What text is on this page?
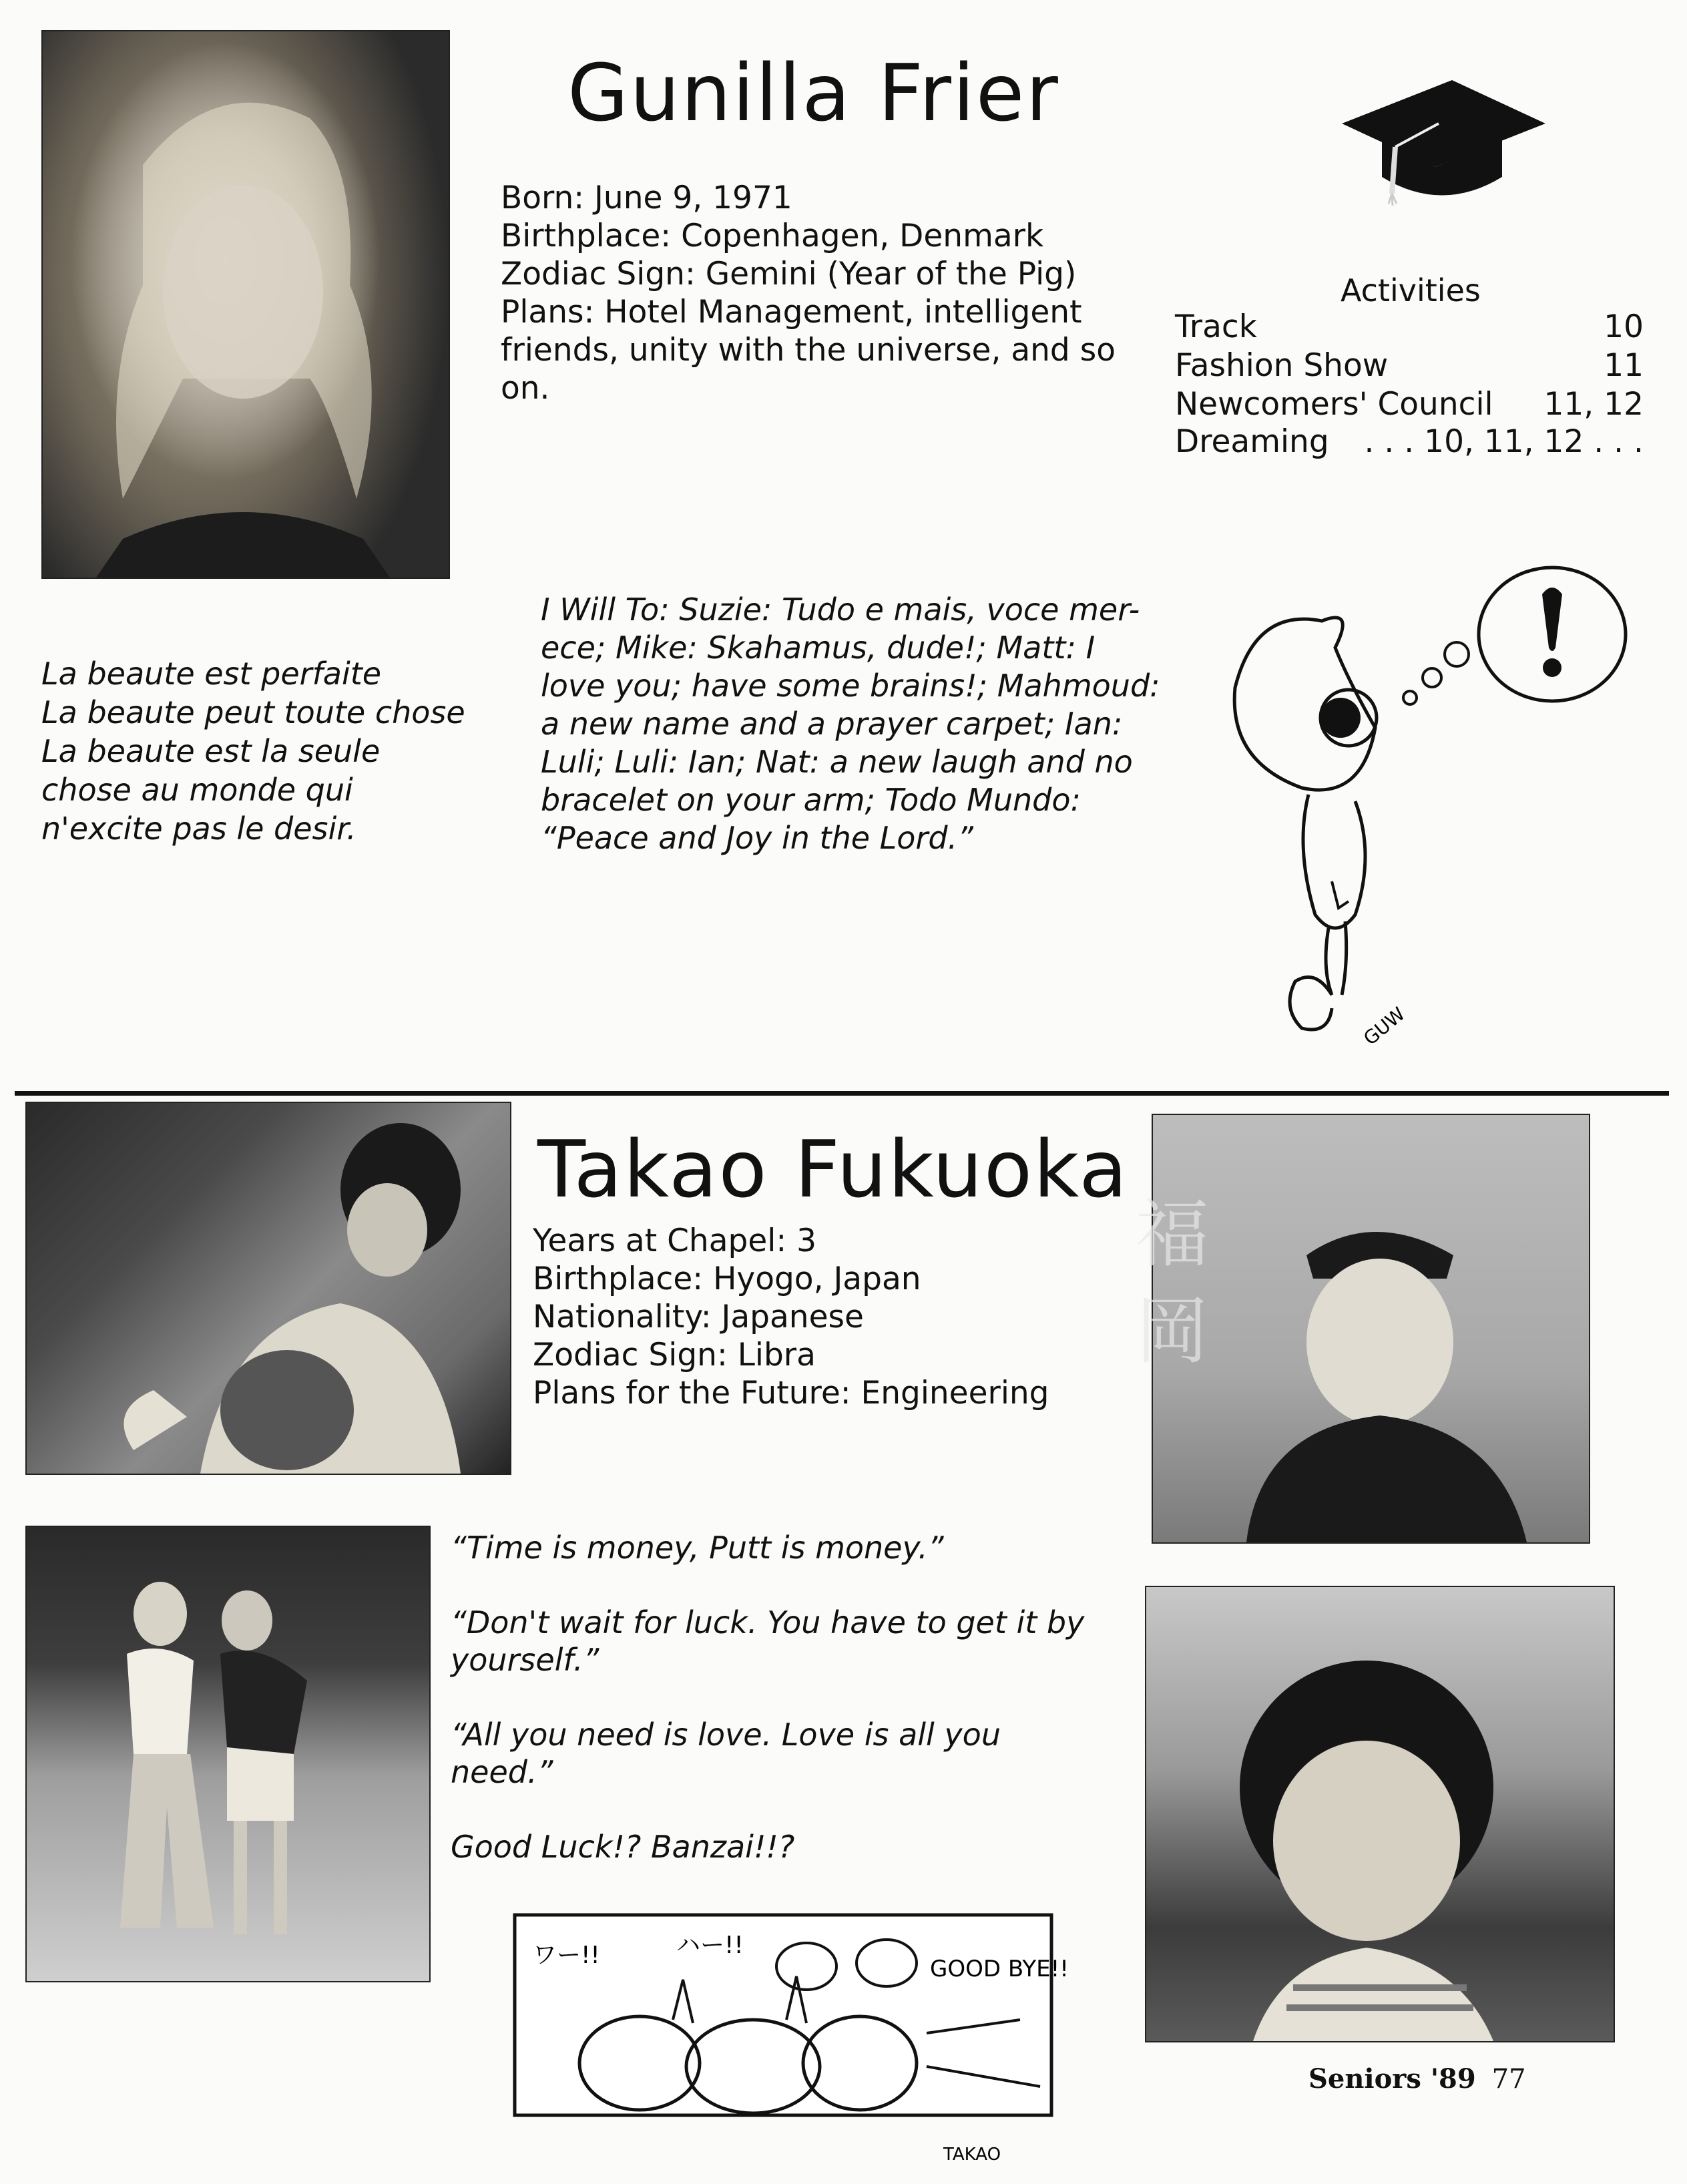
Gunilla Frier
Born: June 9, 1971
Birthplace: Copenhagen, Denmark
Zodiac Sign: Gemini (Year of the Pig)
Plans: Hotel Management, intelligent
friends, unity with the universe, and so
on.
Activities
Track	10
Fashion Show	11
Newcomers' Council 11, 12
Dreaming . . . 10, 11, 12 . . .
La beaute est perfaite
La beaute peut toute chose
La beaute est la seule
chose au monde qui
n'excite pas le desir.
I Will To: Suzie: Tudo e mais, voce mer-
ece; Mike: Skahamus, dude!; Matt: I
love you; have some brains!; Mahmoud:
a new name and a prayer carpet; Ian:
Luli; Luli: Ian; Nat: a new laugh and no
bracelet on your arm; Todo Mundo:
“Peace and Joy in the Lord.”
GUW
Takao Fukuoka
Years at Chapel: 3
Birthplace: Hyogo, Japan
Nationality: Japanese
Zodiac Sign: Libra
Plans for the Future: Engineering
福 岡
“Time is money, Putt is money.”
“Don't wait for luck. You have to get it by
yourself.”
“All you need is love. Love is all you
need.”
Good Luck!? Banzai!!?
ワー!!	ハー!!
GOOD BYE!!
TAKAO
Seniors '89 77
